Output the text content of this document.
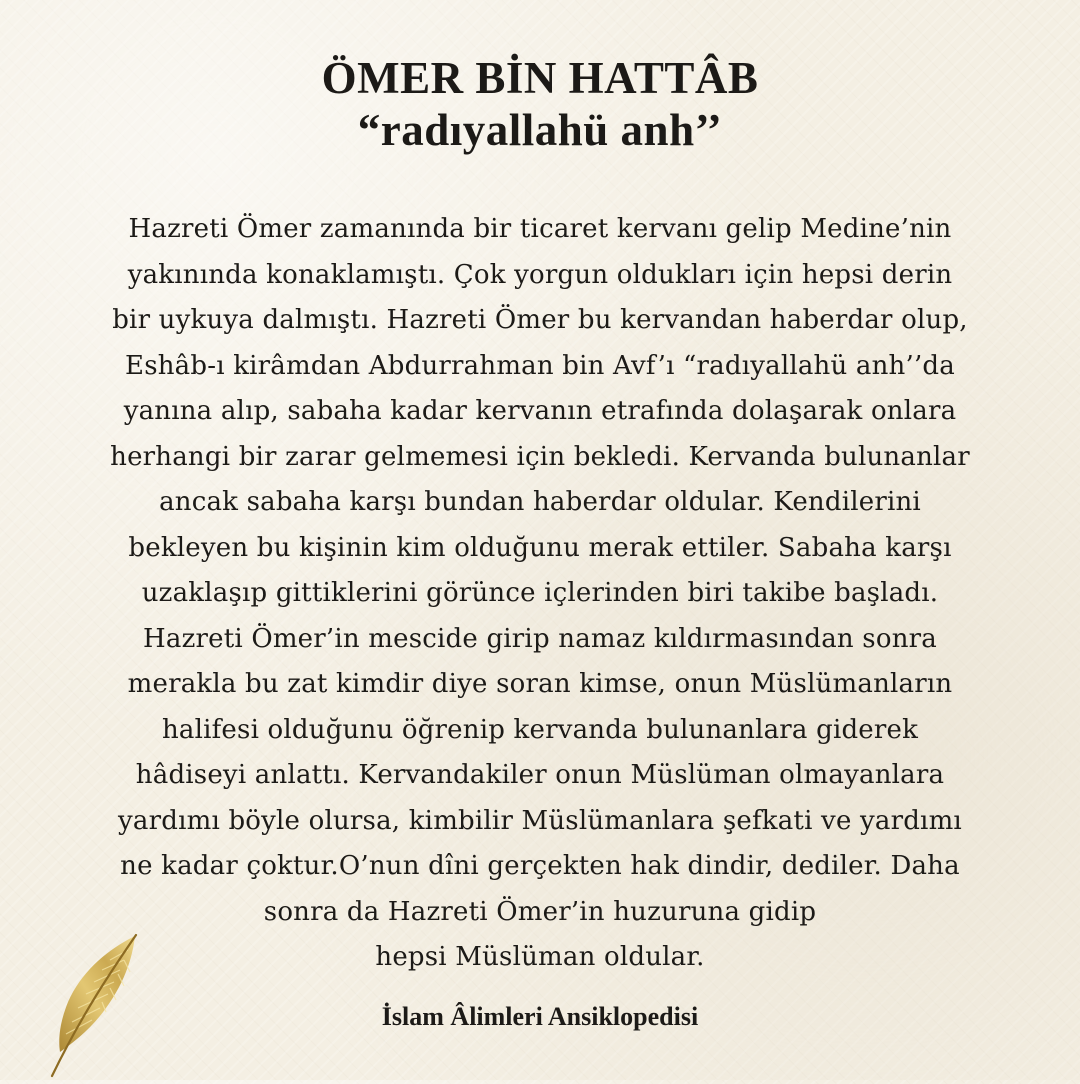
ÖMER BİN HATTÂB
“radıyallahü anh’’
Hazreti Ömer zamanında bir ticaret kervanı gelip Medine’nin
yakınında konaklamıştı. Çok yorgun oldukları için hepsi derin
bir uykuya dalmıştı. Hazreti Ömer bu kervandan haberdar olup,
Eshâb-ı kirâmdan Abdurrahman bin Avf’ı “radıyallahü anh’’da
yanına alıp, sabaha kadar kervanın etrafında dolaşarak onlara
herhangi bir zarar gelmemesi için bekledi. Kervanda bulunanlar
ancak sabaha karşı bundan haberdar oldular. Kendilerini
bekleyen bu kişinin kim olduğunu merak ettiler. Sabaha karşı
uzaklaşıp gittiklerini görünce içlerinden biri takibe başladı.
Hazreti Ömer’in mescide girip namaz kıldırmasından sonra
merakla bu zat kimdir diye soran kimse, onun Müslümanların
halifesi olduğunu öğrenip kervanda bulunanlara giderek
hâdiseyi anlattı. Kervandakiler onun Müslüman olmayanlara
yardımı böyle olursa, kimbilir Müslümanlara şefkati ve yardımı
ne kadar çoktur.O’nun dîni gerçekten hak dindir, dediler. Daha
sonra da Hazreti Ömer’in huzuruna gidip
hepsi Müslüman oldular.
İslam Âlimleri Ansiklopedisi
